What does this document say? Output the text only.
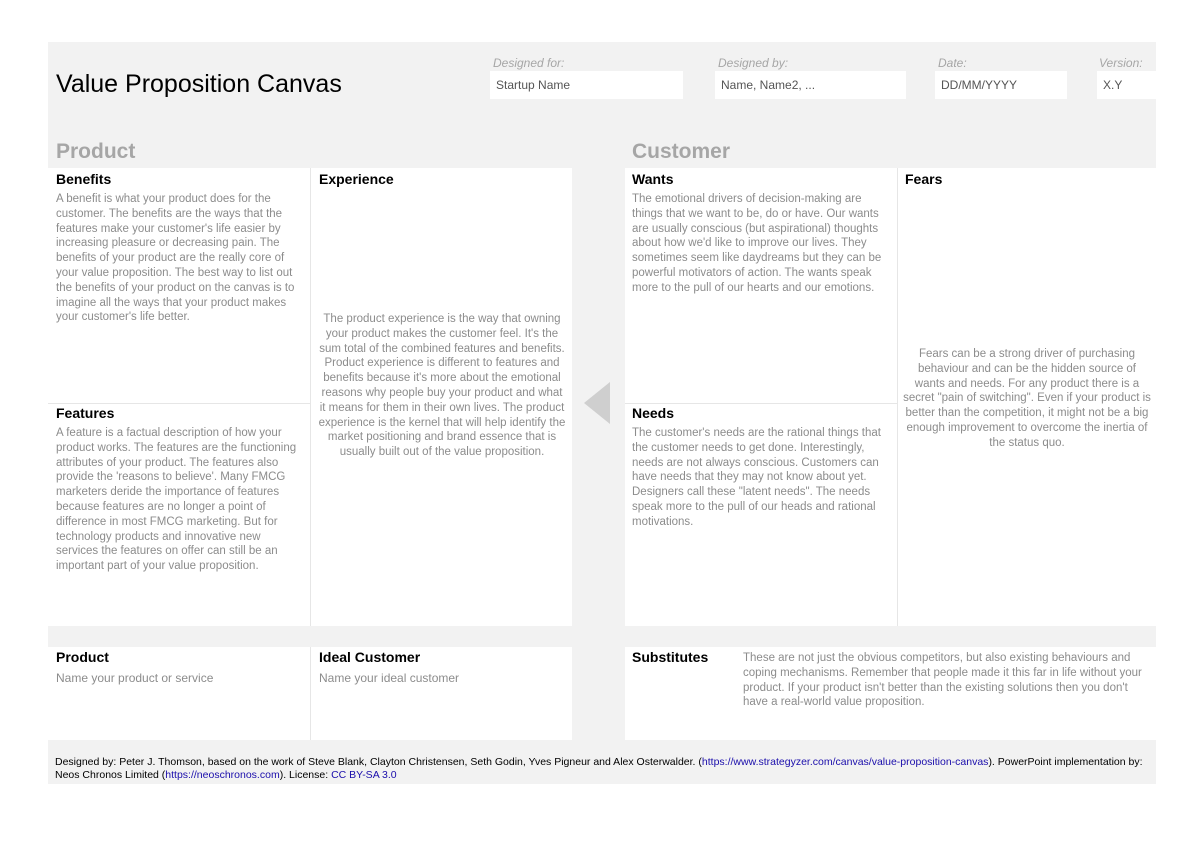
Value Proposition Canvas
Designed for:
Startup Name
Designed by:
Name, Name2, ...
Date:
DD/MM/YYYY
Version:
X.Y
Product	Customer
Benefits
A benefit is what your product does for the customer. The benefits are the ways that the features make your customer's life easier by increasing pleasure or decreasing pain. The benefits of your product are the really core of your value proposition. The best way to list out the benefits of your product on the canvas is to imagine all the ways that your product makes your customer's life better.
Experience
The product experience is the way that owning your product makes the customer feel. It's the sum total of the combined features and benefits. Product experience is different to features and benefits because it's more about the emotional reasons why people buy your product and what it means for them in their own lives. The product experience is the kernel that will help identify the market positioning and brand essence that is usually built out of the value proposition.
Features
A feature is a factual description of how your product works. The features are the functioning attributes of your product. The features also provide the 'reasons to believe'. Many FMCG marketers deride the importance of features because features are no longer a point of difference in most FMCG marketing. But for technology products and innovative new services the features on offer can still be an important part of your value proposition.
Wants
The emotional drivers of decision-making are things that we want to be, do or have. Our wants are usually conscious (but aspirational) thoughts about how we'd like to improve our lives. They sometimes seem like daydreams but they can be powerful motivators of action. The wants speak more to the pull of our hearts and our emotions.
Fears
Fears can be a strong driver of purchasing behaviour and can be the hidden source of wants and needs. For any product there is a secret "pain of switching". Even if your product is better than the competition, it might not be a big enough improvement to overcome the inertia of the status quo.
Needs
The customer's needs are the rational things that the customer needs to get done. Interestingly, needs are not always conscious. Customers can have needs that they may not know about yet. Designers call these "latent needs". The needs speak more to the pull of our heads and rational motivations.
Product
Name your product or service
Ideal Customer
Name your ideal customer
Substitutes	These are not just the obvious competitors, but also existing behaviours and coping mechanisms. Remember that people made it this far in life without your product. If your product isn't better than the existing solutions then you don't have a real-world value proposition.
Designed by: Peter J. Thomson, based on the work of Steve Blank, Clayton Christensen, Seth Godin, Yves Pigneur and Alex Osterwalder. (https://www.strategyzer.com/canvas/value-proposition-canvas). PowerPoint implementation by: Neos Chronos Limited (https://neoschronos.com). License: CC BY-SA 3.0
